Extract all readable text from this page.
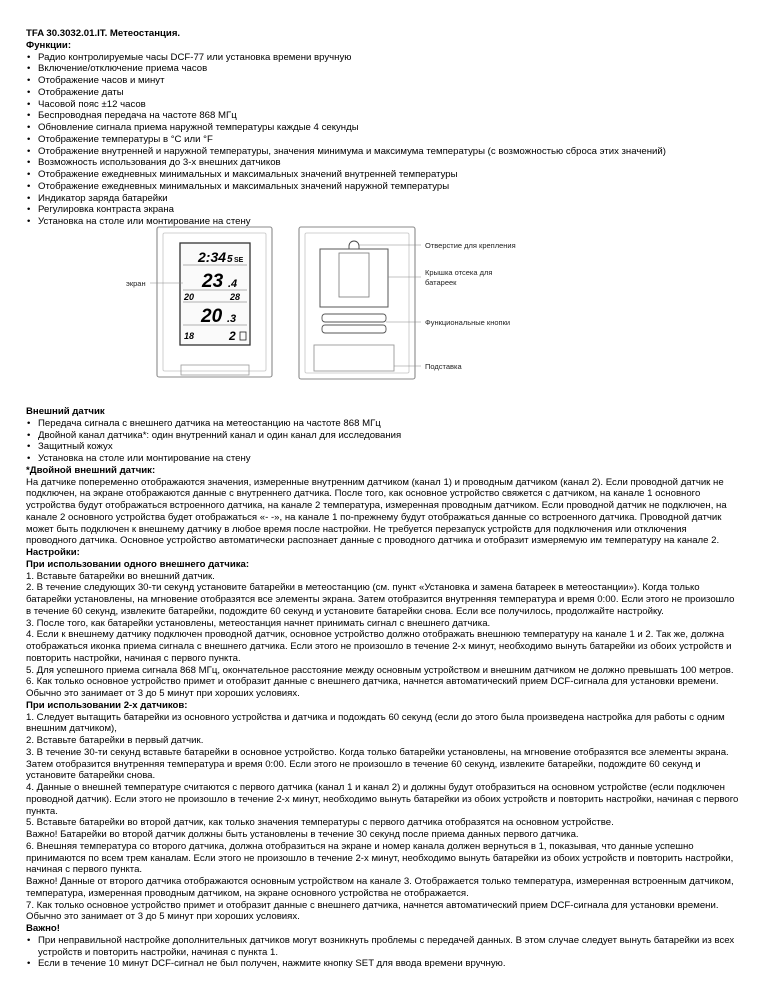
TFA 30.3032.01.IT. Метеостанция.
Функции:
• Радио контролируемые часы DCF-77 или установка времени вручную
• Включение/отключение приема часов
• Отображение часов и минут
• Отображение даты
• Часовой пояс ±12 часов
• Беспроводная передача на частоте 868 МГц
• Обновление сигнала приема наружной температуры каждые 4 секунды
• Отображение температуры в °C или °F
• Отображение внутренней и наружной температуры, значения минимума и максимума температуры (с возможностью сброса этих значений)
• Возможность использования до 3-х внешних датчиков
• Отображение ежедневных минимальных и максимальных значений внутренней температуры
• Отображение ежедневных минимальных и максимальных значений наружной температуры
• Индикатор заряда батарейки
• Регулировка контраста экрана
• Установка на столе или монтирование на стену
2:34 5 SE
23 .4
20	28
20 .3
18	2
экран
Отверстие для крепления
Крышка отсека для
батареек
Функциональные кнопки
Подставка
Внешний датчик
• Передача сигнала с внешнего датчика на метеостанцию на частоте 868 МГц
• Двойной канал датчика*: один внутренний канал и один канал для исследования
• Защитный кожух
• Установка на столе или монтирование на стену
*Двойной внешний датчик:

На датчике попеременно отображаются значения, измеренные внутренним датчиком (канал 1) и проводным датчиком (канал 2). Если проводной датчик не подключен, на экране отображаются данные с внутреннего датчика. После того, как основное устройство свяжется с датчиком, на канале 1 основного устройства будут отображаться встроенного датчика, на канале 2 температура, измеренная проводным датчиком. Если проводной датчик не подключен, на канале 2 основного устройства будет отображаться «- -», на канале 1 по-прежнему будут отображаться данные со встроенного датчика. Проводной датчик может быть подключен к внешнему датчику в любое время после настройки. Не требуется перезапуск устройств для подключения или отключения проводного датчика. Основное устройство автоматически распознает данные с проводного датчика и отобразит измеряемую им температуру на канале 2.

Настройки:
При использовании одного внешнего датчика:

1. Вставьте батарейки во внешний датчик.

2. В течение следующих 30-ти секунд установите батарейки в метеостанцию (см. пункт «Установка и замена батареек в метеостанции»). Когда только батарейки установлены, на мгновение отобразятся все элементы экрана. Затем отобразится внутренняя температура и время 0:00. Если этого не произошло в течение 60 секунд, извлеките батарейки, подождите 60 секунд и установите батарейки снова. Если все получилось, продолжайте настройку.

3. После того, как батарейки установлены, метеостанция начнет принимать сигнал с внешнего датчика.

4. Если к внешнему датчику подключен проводной датчик, основное устройство должно отображать внешнюю температуру на канале 1 и 2. Так же, должна отображаться иконка приема сигнала с внешнего датчика. Если этого не произошло в течение 2-х минут, необходимо вынуть батарейки из обоих устройств и повторить настройки, начиная с первого пункта.

5. Для успешного приема сигнала 868 МГц, окончательное расстояние между основным устройством и внешним датчиком не должно превышать 100 метров.

6. Как только основное устройство примет и отобразит данные с внешнего датчика, начнется автоматический прием DCF-сигнала для установки времени. Обычно это занимает от 3 до 5 минут при хороших условиях.

При использовании 2-х датчиков:

1. Следует вытащить батарейки из основного устройства и датчика и подождать 60 секунд (если до этого была произведена настройка для работы с одним внешним датчиком),

2. Вставьте батарейки в первый датчик.

3. В течение 30-ти секунд вставьте батарейки в основное устройство. Когда только батарейки установлены, на мгновение отобразятся все элементы экрана. Затем отобразится внутренняя температура и время 0:00. Если этого не произошло в течение 60 секунд, извлеките батарейки, подождите 60 секунд и установите батарейки снова.

4. Данные о внешней температуре считаются с первого датчика (канал 1 и канал 2) и должны будут отобразиться на основном устройстве (если подключен проводной датчик). Если этого не произошло в течение 2-х минут, необходимо вынуть батарейки из обоих устройств и повторить настройки, начиная с первого пункта.

5. Вставьте батарейки во второй датчик, как только значения температуры с первого датчика отобразятся на основном устройстве.

Важно! Батарейки во второй датчик должны быть установлены в течение 30 секунд после приема данных первого датчика.

6. Внешняя температура со второго датчика, должна отобразиться на экране и номер канала должен вернуться в 1, показывая, что данные успешно принимаются по всем трем каналам. Если этого не произошло в течение 2-х минут, необходимо вынуть батарейки из обоих устройств и повторить настройки, начиная с первого пункта.

Важно! Данные от второго датчика отображаются основным устройством на канале 3. Отображается только температура, измеренная встроенным датчиком, температура, измеренная проводным датчиком, на экране основного устройства не отображается.

7. Как только основное устройство примет и отобразит данные с внешнего датчика, начнется автоматический прием DCF-сигнала для установки времени. Обычно это занимает от 3 до 5 минут при хороших условиях.

Важно!
• При неправильной настройке дополнительных датчиков могут возникнуть проблемы с передачей данных. В этом случае следует вынуть батарейки из всех устройств и повторить настройки, начиная с пункта 1.
• Если в течение 10 минут DCF-сигнал не был получен, нажмите кнопку SET для ввода времени вручную.
